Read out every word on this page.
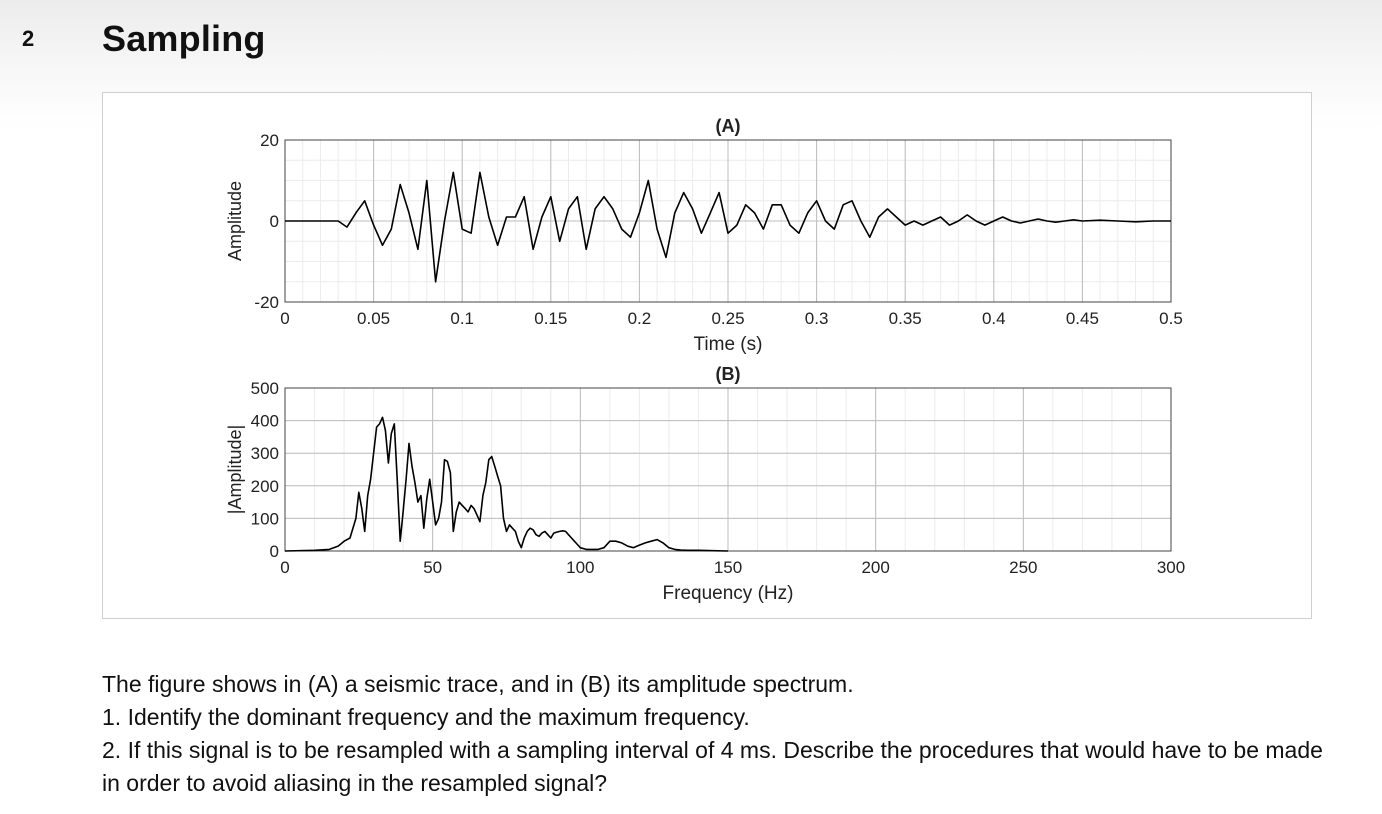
2 Sampling
0	0.05	0.1	0.15	0.2	0.25	0.3	0.35	0.4	0.45	0.5
-20
0
20
(A)
Time (s)
Amplitude
0	50	100	150	200	250	300
0
100
200
300
400
500
(B)
Frequency (Hz)
|Amplitude|

The figure shows in (A) a seismic trace, and in (B) its amplitude spectrum.

1. Identify the dominant frequency and the maximum frequency.

2. If this signal is to be resampled with a sampling interval of 4 ms. Describe the procedures that would have to be made in order to avoid aliasing in the resampled signal?
